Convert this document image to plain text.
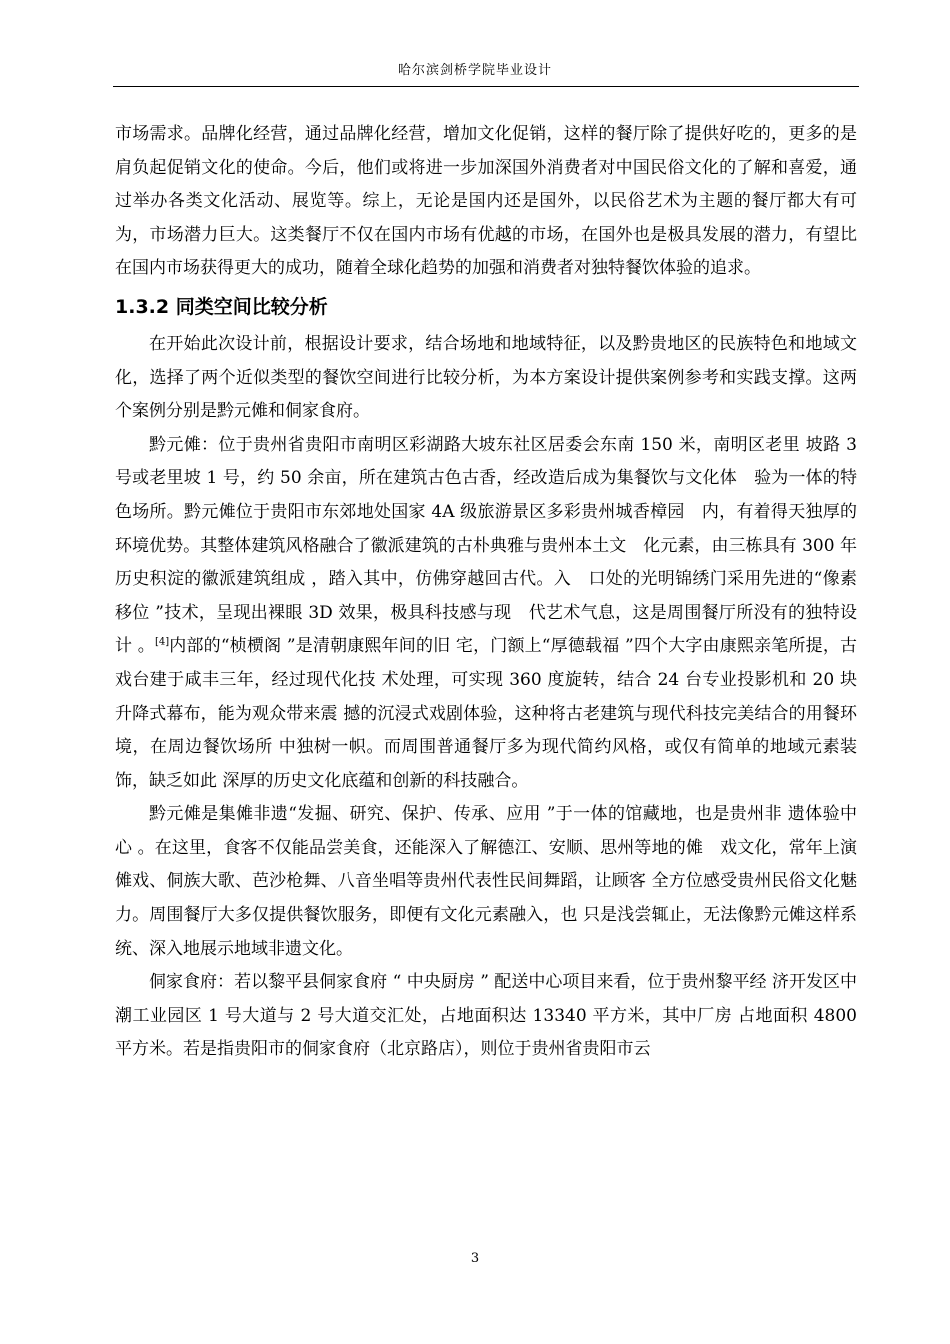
哈尔滨剑桥学院毕业设计

市场需求。品牌化经营，通过品牌化经营，增加文化促销，这样的餐厅除了提供好吃的，更多的是肩负起促销文化的使命。今后，他们或将进一步加深国外消费者对中国民俗文化的了解和喜爱，通过举办各类文化活动、展览等。综上，无论是国内还是国外，以民俗艺术为主题的餐厅都大有可为，市场潜力巨大。这类餐厅不仅在国内市场有优越的市场，在国外也是极具发展的潜力，有望比在国内市场获得更大的成功，随着全球化趋势的加强和消费者对独特餐饮体验的追求。

1.3.2 同类空间比较分析

在开始此次设计前，根据设计要求，结合场地和地域特征，以及黔贵地区的民族特色和地域文化，选择了两个近似类型的餐饮空间进行比较分析，为本方案设计提供案例参考和实践支撑。这两个案例分别是黔元傩和侗家食府。

黔元傩：位于贵州省贵阳市南明区彩湖路大坡东社区居委会东南 150 米，南明区老里 坡路 3 号或老里坡 1 号，约 50 余亩，所在建筑古色古香，经改造后成为集餐饮与文化体　验为一体的特色场所。黔元傩位于贵阳市东郊地处国家 4A 级旅游景区多彩贵州城香樟园　内，有着得天独厚的环境优势。其整体建筑风格融合了徽派建筑的古朴典雅与贵州本土文　化元素，由三栋具有 300 年历史积淀的徽派建筑组成 ，踏入其中，仿佛穿越回古代。入　口处的光明锦绣门采用先进的“像素移位 ”技术，呈现出裸眼 3D 效果，极具科技感与现　代艺术气息，这是周围餐厅所没有的独特设计 。[4]内部的“桢槚阁 ”是清朝康熙年间的旧 宅，门额上“厚德载福 ”四个大字由康熙亲笔所提，古戏台建于咸丰三年，经过现代化技 术处理，可实现 360 度旋转，结合 24 台专业投影机和 20 块升降式幕布，能为观众带来震 撼的沉浸式戏剧体验，这种将古老建筑与现代科技完美结合的用餐环境，在周边餐饮场所 中独树一帜。而周围普通餐厅多为现代简约风格，或仅有简单的地域元素装饰，缺乏如此 深厚的历史文化底蕴和创新的科技融合。

黔元傩是集傩非遗“发掘、研究、保护、传承、应用 ”于一体的馆藏地，也是贵州非 遗体验中心 。在这里，食客不仅能品尝美食，还能深入了解德江、安顺、思州等地的傩　戏文化，常年上演傩戏、侗族大歌、芭沙枪舞、八音坐唱等贵州代表性民间舞蹈，让顾客 全方位感受贵州民俗文化魅力。周围餐厅大多仅提供餐饮服务，即便有文化元素融入，也 只是浅尝辄止，无法像黔元傩这样系统、深入地展示地域非遗文化。

侗家食府：若以黎平县侗家食府 “ 中央厨房 ” 配送中心项目来看，位于贵州黎平经 济开发区中潮工业园区 1 号大道与 2 号大道交汇处，占地面积达 13340 平方米，其中厂房 占地面积 4800 平方米。若是指贵阳市的侗家食府（北京路店），则位于贵州省贵阳市云

3
